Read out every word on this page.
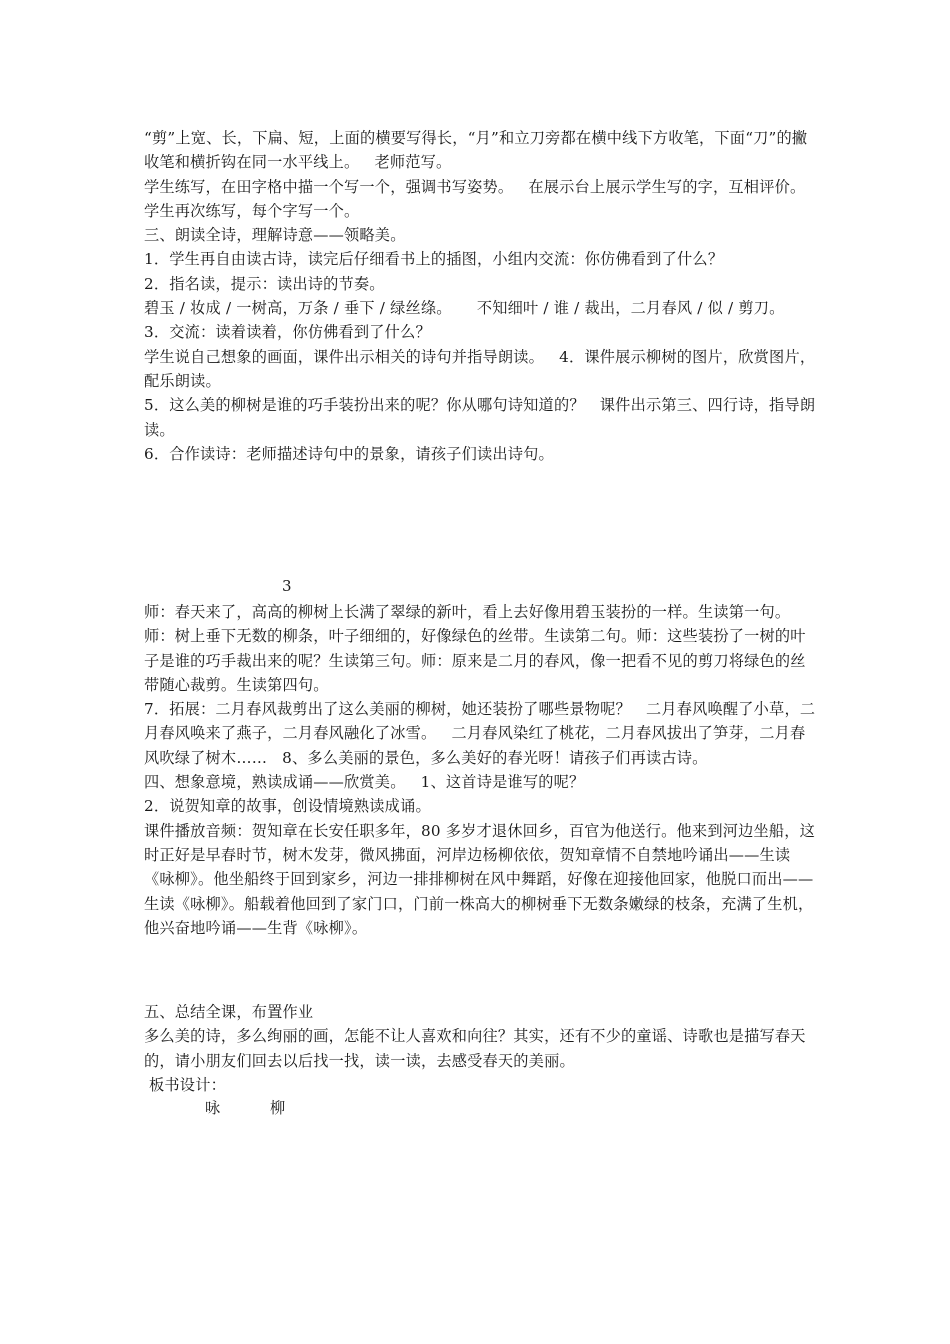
“剪”上宽、长，下扁、短，上面的横要写得长，“月”和立刀旁都在横中线下方收笔，下面“刀”的撇收笔和横折钩在同一水平线上。   老师范写。

学生练写，在田字格中描一个写一个，强调书写姿势。   在展示台上展示学生写的字，互相评价。   学生再次练写，每个字写一个。

三、朗读全诗，理解诗意——领略美。

1．学生再自由读古诗，读完后仔细看书上的插图，小组内交流：你仿佛看到了什么？

2．指名读，提示：读出诗的节奏。

碧玉 / 妆成 / 一树高，万条 / 垂下 / 绿丝绦。     不知细叶 / 谁 / 裁出，二月春风 / 似 / 剪刀。   3．交流：读着读着，你仿佛看到了什么？

学生说自己想象的画面，课件出示相关的诗句并指导朗读。   4．课件展示柳树的图片，欣赏图片，配乐朗读。

5．这么美的柳树是谁的巧手装扮出来的呢？你从哪句诗知道的？   课件出示第三、四行诗，指导朗读。

6．合作读诗：老师描述诗句中的景象，请孩子们读出诗句。

3

师：春天来了，高高的柳树上长满了翠绿的新叶，看上去好像用碧玉装扮的一样。生读第一句。师：树上垂下无数的柳条，叶子细细的，好像绿色的丝带。生读第二句。师：这些装扮了一树的叶子是谁的巧手裁出来的呢？生读第三句。师：原来是二月的春风，像一把看不见的剪刀将绿色的丝带随心裁剪。生读第四句。

7．拓展：二月春风裁剪出了这么美丽的柳树，她还装扮了哪些景物呢？   二月春风唤醒了小草，二月春风唤来了燕子，二月春风融化了冰雪。   二月春风染红了桃花，二月春风拔出了笋芽，二月春风吹绿了树木……   8、多么美丽的景色，多么美好的春光呀！请孩子们再读古诗。

四、想象意境，熟读成诵——欣赏美。   1、这首诗是谁写的呢？

2．说贺知章的故事，创设情境熟读成诵。

课件播放音频：贺知章在长安任职多年，80 多岁才退休回乡，百官为他送行。他来到河边坐船，这时正好是早春时节，树木发芽，微风拂面，河岸边杨柳依依，贺知章情不自禁地吟诵出——生读《咏柳》。他坐船终于回到家乡，河边一排排柳树在风中舞蹈，好像在迎接他回家，他脱口而出——生读《咏柳》。船载着他回到了家门口，门前一株高大的柳树垂下无数条嫩绿的枝条，充满了生机，他兴奋地吟诵——生背《咏柳》。

五、总结全课，布置作业

多么美的诗，多么绚丽的画，怎能不让人喜欢和向往？其实，还有不少的童谣、诗歌也是描写春天的，请小朋友们回去以后找一找，读一读，去感受春天的美丽。

板书设计：

咏	柳
